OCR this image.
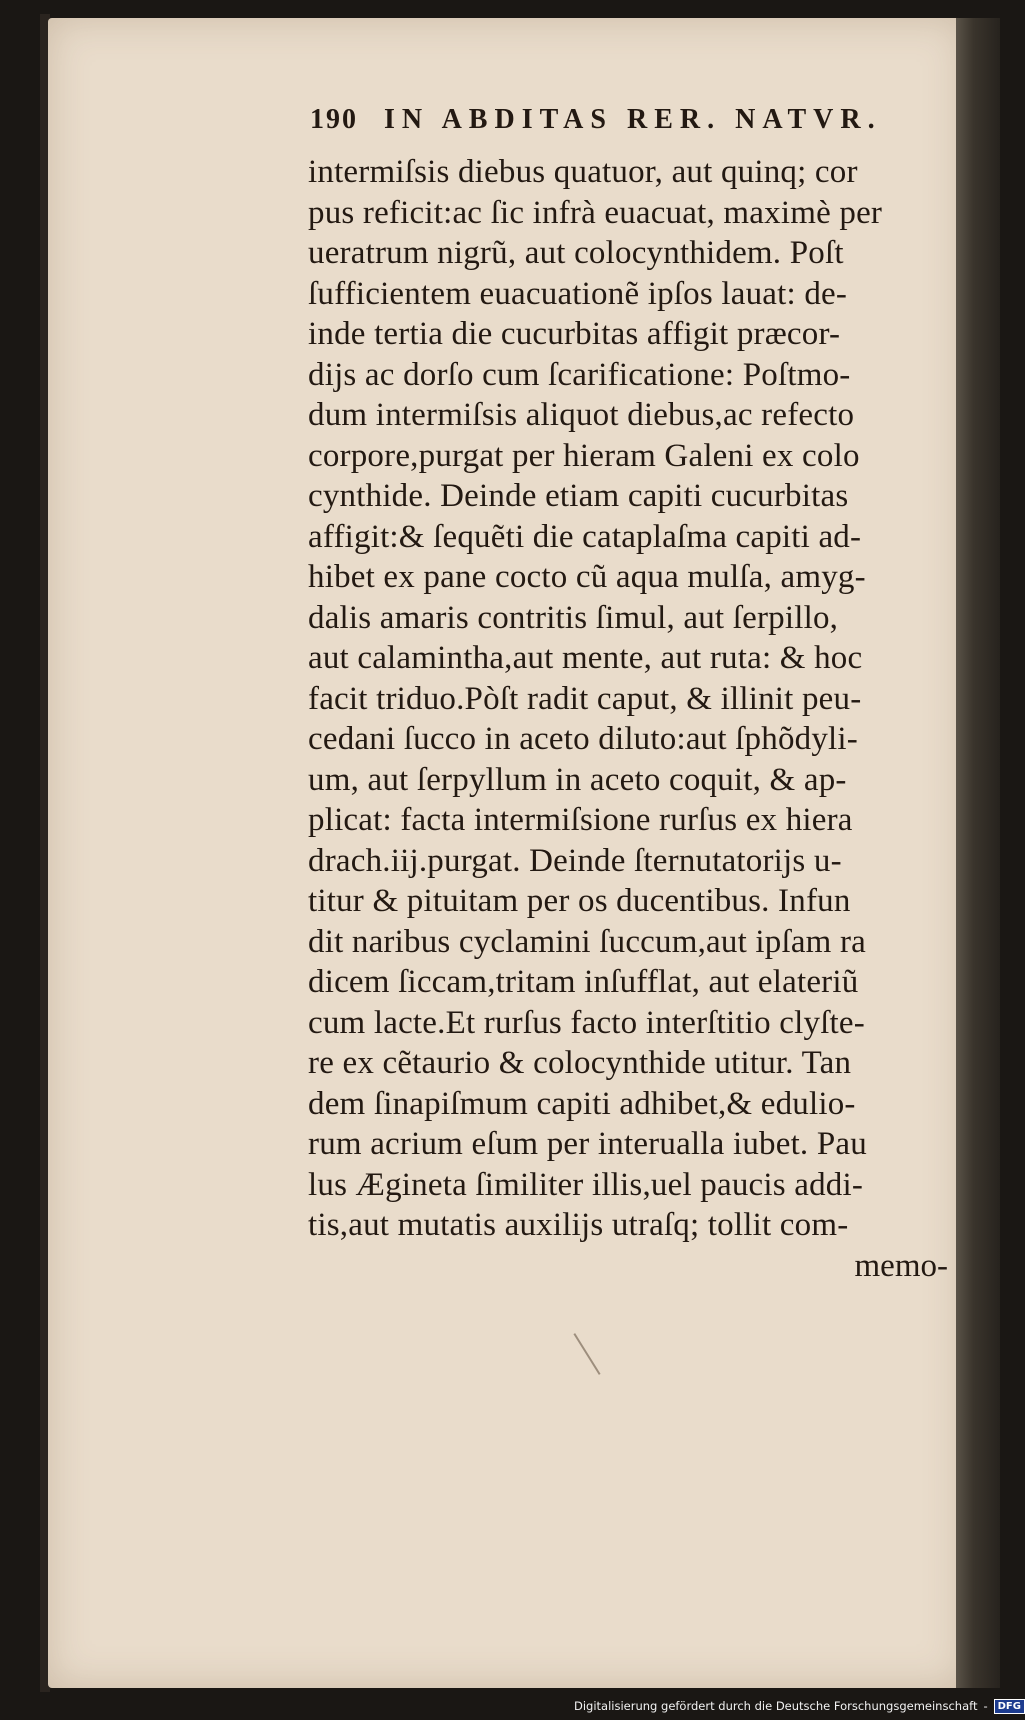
190 IN ABDITAS RER. NATVR.
intermiſsis diebus quatuor, aut quinq; cor
pus reficit:ac ſic infrà euacuat, maximè per
ueratrum nigrũ, aut colocynthidem. Poſt
ſufficientem euacuationẽ ipſos lauat: de-
inde tertia die cucurbitas affigit præcor-
dijs ac dorſo cum ſcarificatione: Poſtmo-
dum intermiſsis aliquot diebus,ac refecto
corpore,purgat per hieram Galeni ex colo
cynthide. Deinde etiam capiti cucurbitas
affigit:& ſequẽti die cataplaſma capiti ad-
hibet ex pane cocto cũ aqua mulſa, amyg-
dalis amaris contritis ſimul, aut ſerpillo,
aut calamintha,aut mente, aut ruta: & hoc
facit triduo.Pòſt radit caput, & illinit peu-
cedani ſucco in aceto diluto:aut ſphõdyli-
um, aut ſerpyllum in aceto coquit, & ap-
plicat: facta intermiſsione rurſus ex hiera
drach.iij.purgat. Deinde ſternutatorijs u-
titur & pituitam per os ducentibus. Infun
dit naribus cyclamini ſuccum,aut ipſam ra
dicem ſiccam,tritam inſufflat, aut elateriũ
cum lacte.Et rurſus facto interſtitio clyſte-
re ex cẽtaurio & colocynthide utitur. Tan
dem ſinapiſmum capiti adhibet,& edulio-
rum acrium eſum per interualla iubet. Pau
lus Ægineta ſimiliter illis,uel paucis addi-
tis,aut mutatis auxilijs utraſq; tollit com-
memo-
Digitalisierung gefördert durch die Deutsche Forschungsgemeinschaft -	DFG
